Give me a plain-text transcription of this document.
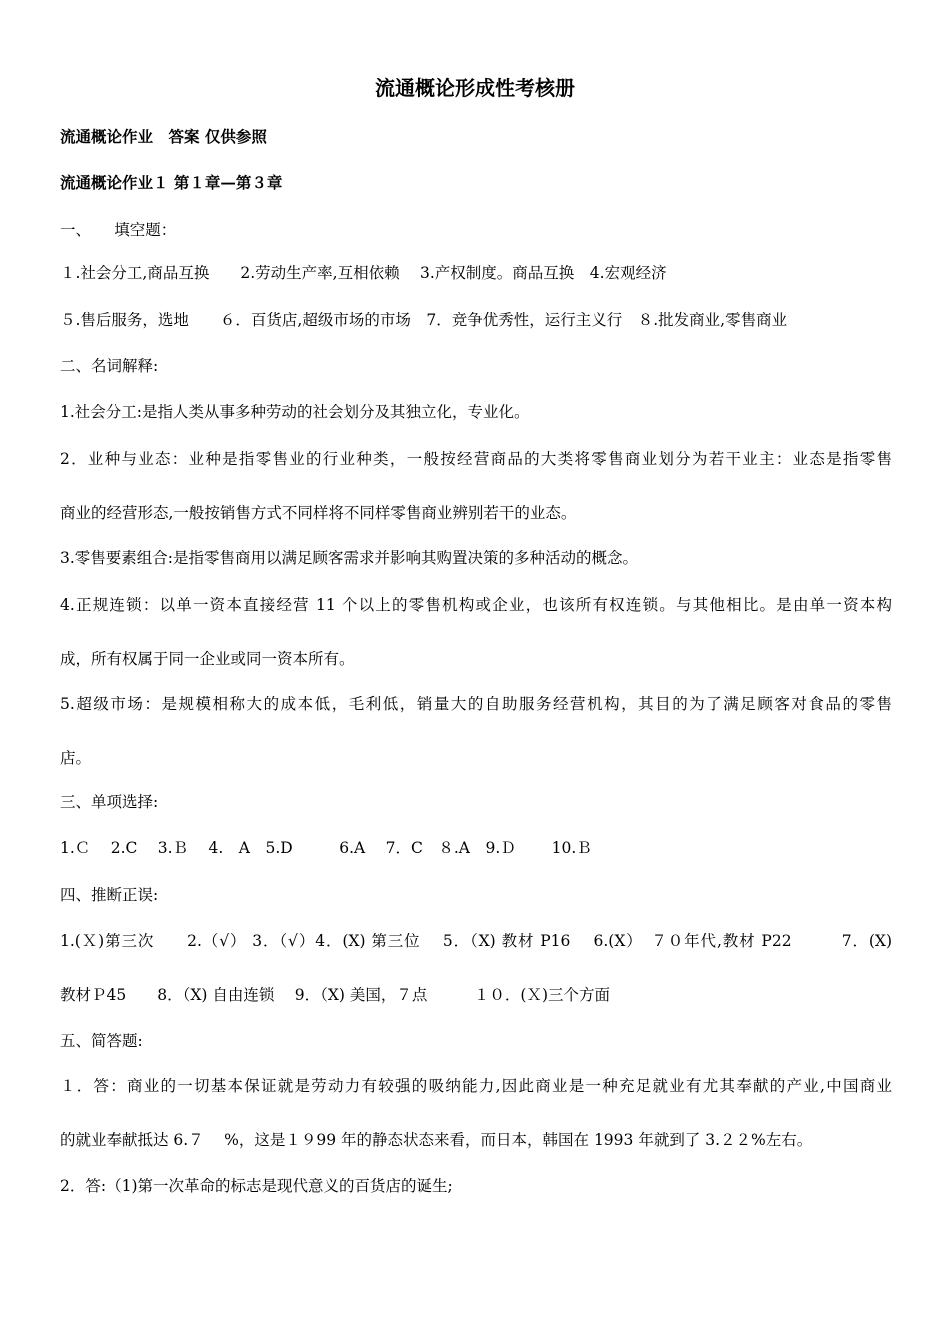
流通概论形成性考核册
流通概论作业　答案 仅供参照
流通概论作业１ 第１章—第３章
一、　　填空题：
１.社会分工,商品互换　　2.劳动生产率,互相依赖　 3.产权制度。商品互换　4.宏观经济
５.售后服务，选地　　６．百货店,超级市场的市场　7．竞争优秀性，运行主义行　８.批发商业,零售商业
二、名词解释:
1.社会分工:是指人类从事多种劳动的社会划分及其独立化，专业化。
2．业种与业态：业种是指零售业的行业种类，一般按经营商品的大类将零售商业划分为若干业主：业态是指零售
商业的经营形态,一般按销售方式不同样将不同样零售商业辨别若干的业态。
3.零售要素组合:是指零售商用以满足顾客需求并影响其购置决策的多种活动的概念。
4.正规连锁：以单一资本直接经营 11 个以上的零售机构或企业，也该所有权连锁。与其他相比。是由单一资本构
成，所有权属于同一企业或同一资本所有。
5.超级市场：是规模相称大的成本低，毛利低，销量大的自助服务经营机构，其目的为了满足顾客对食品的零售
店。
三、单项选择:
1.Ｃ　 2.C　 3.Ｂ　 4.　A　5.D　　　6.A　 7．C　８.A　9.Ｄ　　 10.Ｂ
四、推断正误:
1.(Ｘ)第三次　　2.（√） 3．（√）4．(X) 第三位　 5．（X) 教材 P16　 6.(X）　７０年代,教材 P22　　　7．(X)
教材Ｐ45　　8．（X) 自由连锁　 9．（X) 美国，７点　　　１０．(Ｘ)三个方面
五、简答题:
１．答：商业的一切基本保证就是劳动力有较强的吸纳能力,因此商业是一种充足就业有尤其奉献的产业,中国商业
的就业奉献抵达 6.７　 %，这是１９99 年的静态状态来看，而日本，韩国在 1993 年就到了 3.２２%左右。
2．答:（1)第一次革命的标志是现代意义的百货店的诞生;
